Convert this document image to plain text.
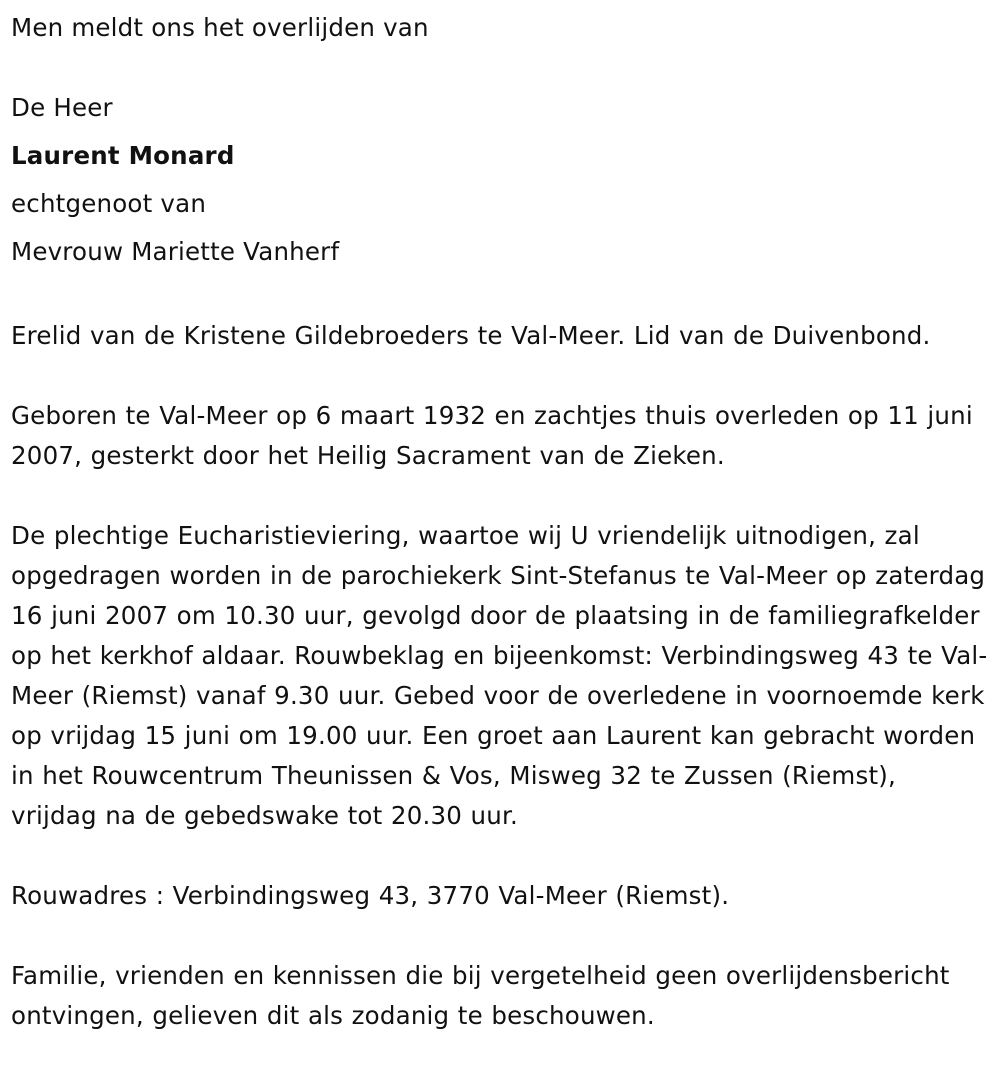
Men meldt ons het overlijden van

De Heer

Laurent Monard

echtgenoot van

Mevrouw Mariette Vanherf

Erelid van de Kristene Gildebroeders te Val-Meer. Lid van de Duivenbond.

Geboren te Val-Meer op 6 maart 1932 en zachtjes thuis overleden op 11 juni 2007, gesterkt door het Heilig Sacrament van de Zieken.

De plechtige Eucharistieviering, waartoe wij U vriendelijk uitnodigen, zal opgedragen worden in de parochiekerk Sint-Stefanus te Val-Meer op zaterdag 16 juni 2007 om 10.30 uur, gevolgd door de plaatsing in de familiegrafkelder op het kerkhof aldaar. Rouwbeklag en bijeenkomst: Verbindingsweg 43 te Val-Meer (Riemst) vanaf 9.30 uur. Gebed voor de overledene in voornoemde kerk op vrijdag 15 juni om 19.00 uur. Een groet aan Laurent kan gebracht worden in het Rouwcentrum Theunissen & Vos, Misweg 32 te Zussen (Riemst), vrijdag na de gebedswake tot 20.30 uur.

Rouwadres : Verbindingsweg 43, 3770 Val-Meer (Riemst).

Familie, vrienden en kennissen die bij vergetelheid geen overlijdensbericht ontvingen, gelieven dit als zodanig te beschouwen.
